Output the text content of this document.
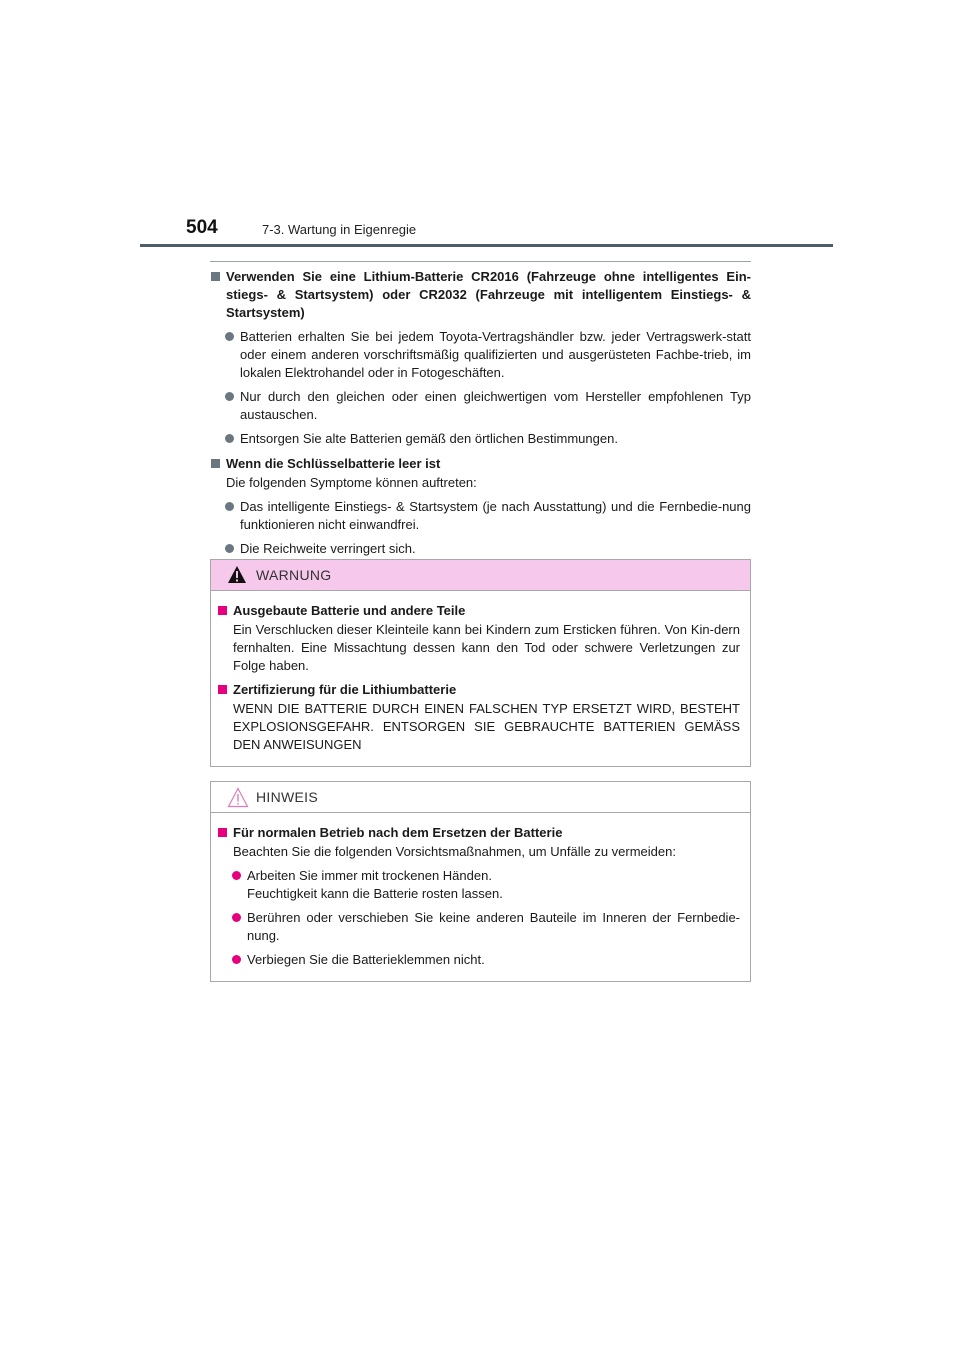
504	7-3. Wartung in Eigenregie

Verwenden Sie eine Lithium-Batterie CR2016 (Fahrzeuge ohne intelligentes Ein-stiegs- & Startsystem) oder CR2032 (Fahrzeuge mit intelligentem Einstiegs- & Startsystem)

Batterien erhalten Sie bei jedem Toyota-Vertragshändler bzw. jeder Vertragswerk-statt oder einem anderen vorschriftsmäßig qualifizierten und ausgerüsteten Fachbe-trieb, im lokalen Elektrohandel oder in Fotogeschäften.
Nur durch den gleichen oder einen gleichwertigen vom Hersteller empfohlenen Typ austauschen.
Entsorgen Sie alte Batterien gemäß den örtlichen Bestimmungen.

Wenn die Schlüsselbatterie leer ist

Die folgenden Symptome können auftreten:
Das intelligente Einstiegs- & Startsystem (je nach Ausstattung) und die Fernbedie-nung funktionieren nicht einwandfrei.
Die Reichweite verringert sich.
WARNUNG

Ausgebaute Batterie und andere Teile

Ein Verschlucken dieser Kleinteile kann bei Kindern zum Ersticken führen. Von Kin-dern fernhalten. Eine Missachtung dessen kann den Tod oder schwere Verletzungen zur Folge haben.

Zertifizierung für die Lithiumbatterie

WENN DIE BATTERIE DURCH EINEN FALSCHEN TYP ERSETZT WIRD, BESTEHT EXPLOSIONSGEFAHR. ENTSORGEN SIE GEBRAUCHTE BATTERIEN GEMÄSS DEN ANWEISUNGEN
HINWEIS

Für normalen Betrieb nach dem Ersetzen der Batterie

Beachten Sie die folgenden Vorsichtsmaßnahmen, um Unfälle zu vermeiden:
Arbeiten Sie immer mit trockenen Händen.
Feuchtigkeit kann die Batterie rosten lassen.
Berühren oder verschieben Sie keine anderen Bauteile im Inneren der Fernbedie-nung.
Verbiegen Sie die Batterieklemmen nicht.
